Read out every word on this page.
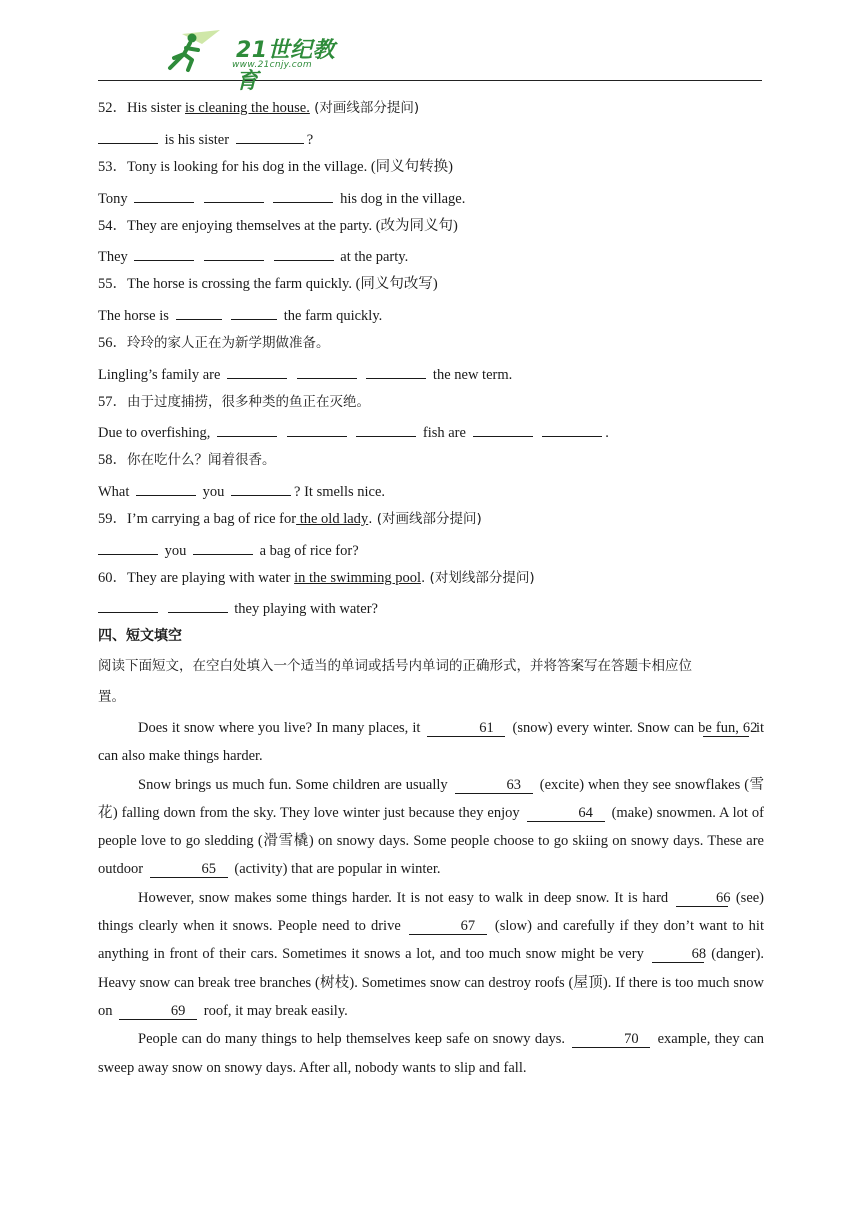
21世纪教育
www.21cnjy.com
52．His sister is cleaning the house. (对画线部分提问)
is his sister	?
53．Tony is looking for his dog in the village. (同义句转换)
Tony	his dog in the village.
54．They are enjoying themselves at the party. (改为同义句)
They	at the party.
55．The horse is crossing the farm quickly. (同义句改写)
The horse is	the farm quickly.
56．玲玲的家人正在为新学期做准备。
Lingling’s family are	the new term.
57．由于过度捕捞，很多种类的鱼正在灭绝。
Due to overfishing,	fish are	.
58．你在吃什么？闻着很香。
What	you	? It smells nice.
59．I’m carrying a bag of rice for the old lady. (对画线部分提问)
you	a bag of rice for?
60．They are playing with water in the swimming pool. (对划线部分提问)
they playing with water?
四、短文填空
阅读下面短文，在空白处填入一个适当的单词或括号内单词的正确形式，并将答案写在答题卡相应位
置。

Does it snow where you live? In many places, it	61 (snow) every winter. Snow can be fun, 62 it can also make things harder.

Snow brings us much fun. Some children are usually	63 (excite) when they see snowflakes (雪花) falling down from the sky. They love winter just because they enjoy	64 (make) snowmen. A lot of people love to go sledding (滑雪橇) on snowy days. Some people choose to go skiing on snowy days. These are outdoor	65 (activity) that are popular in winter.

However, snow makes some things harder. It is not easy to walk in deep snow. It is hard	66 (see) things clearly when it snows. People need to drive	67 (slow) and carefully if they don’t want to hit anything in front of their cars. Sometimes it snows a lot, and too much snow might be very	68 (danger). Heavy snow can break tree branches (树枝). Sometimes snow can destroy roofs (屋顶). If there is too much snow on	69 roof, it may break easily.

People can do many things to help themselves keep safe on snowy days.	70 example, they can sweep away snow on snowy days. After all, nobody wants to slip and fall.
